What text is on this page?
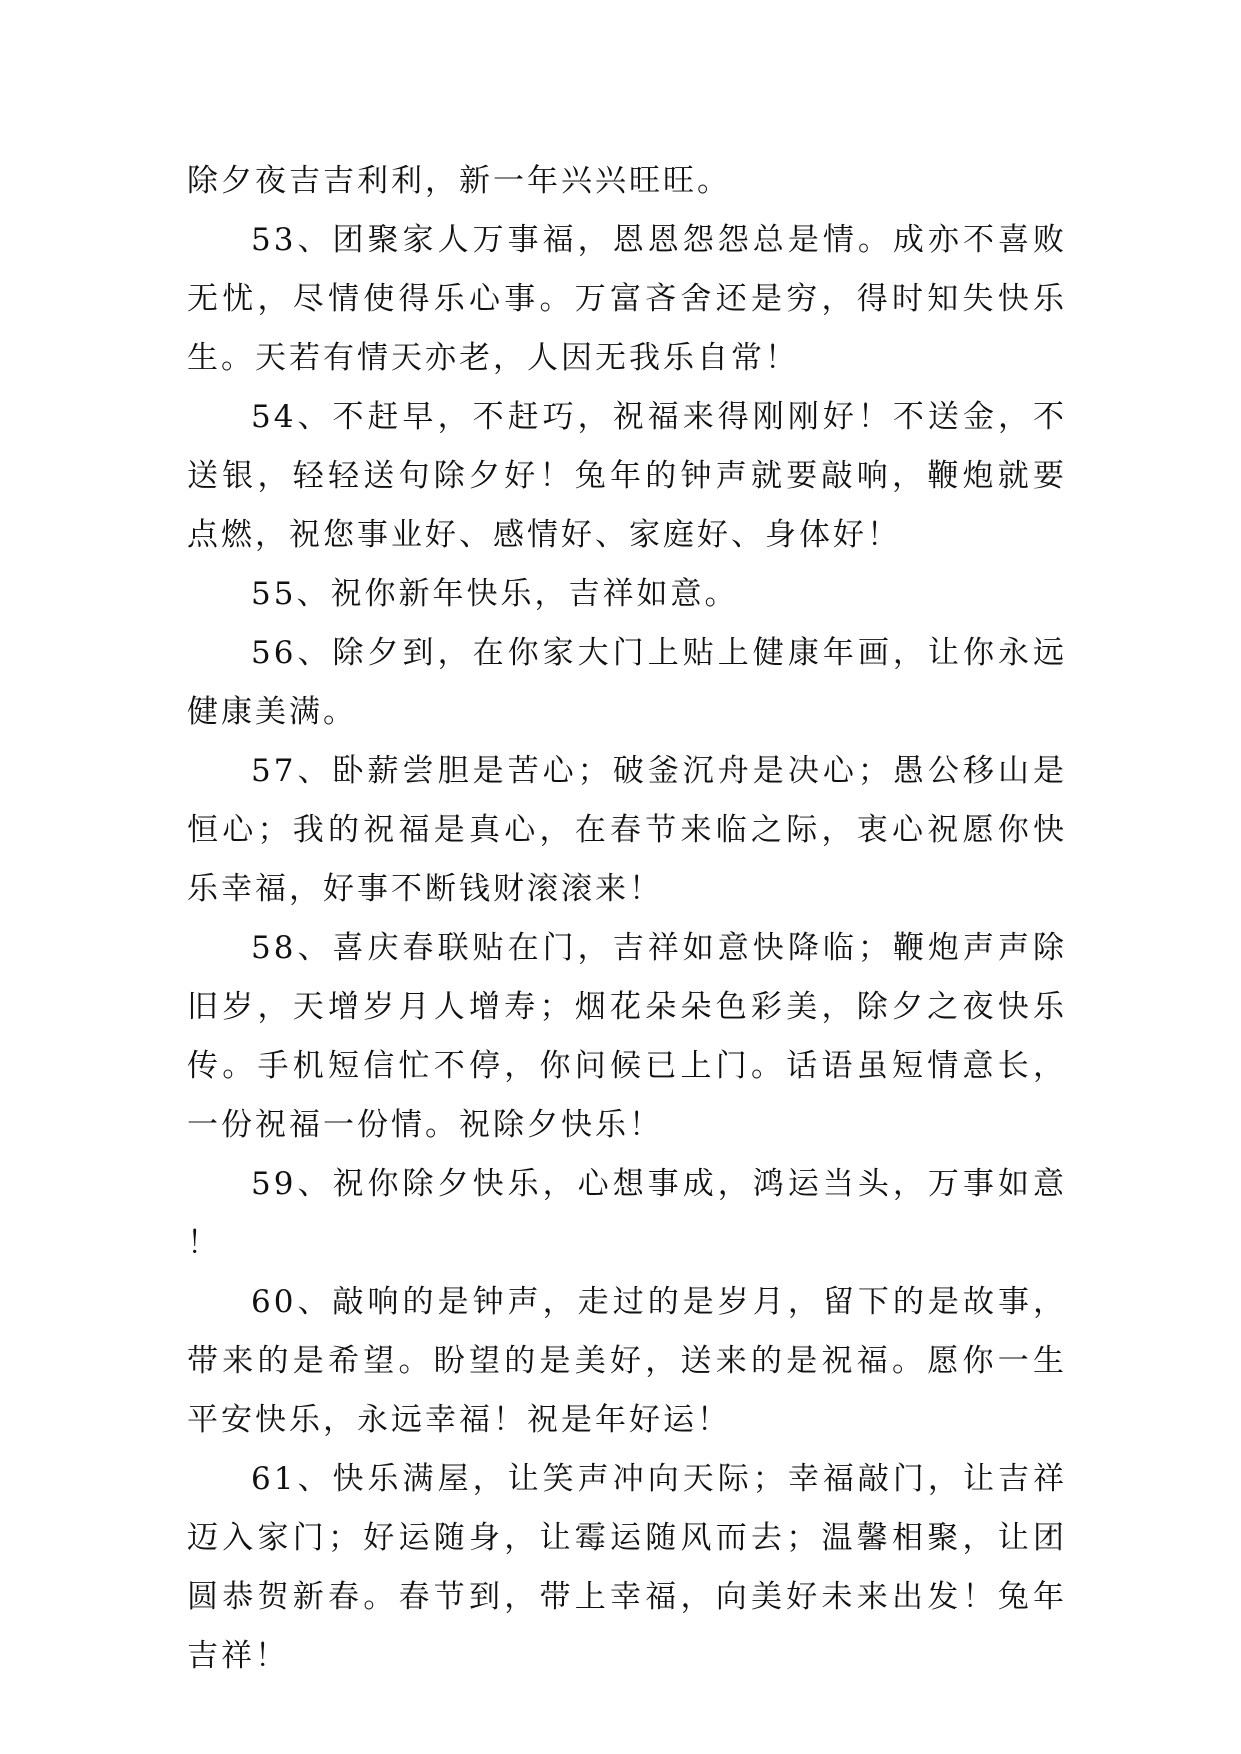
除夕夜吉吉利利，新一年兴兴旺旺。

53、团聚家人万事福，恩恩怨怨总是情。成亦不喜败无忧，尽情使得乐心事。万富吝舍还是穷，得时知失快乐生。天若有情天亦老，人因无我乐自常！

54、不赶早，不赶巧，祝福来得刚刚好！不送金，不送银，轻轻送句除夕好！兔年的钟声就要敲响，鞭炮就要点燃，祝您事业好、感情好、家庭好、身体好！

55、祝你新年快乐，吉祥如意。

56、除夕到，在你家大门上贴上健康年画，让你永远健康美满。

57、卧薪尝胆是苦心；破釜沉舟是决心；愚公移山是恒心；我的祝福是真心，在春节来临之际，衷心祝愿你快乐幸福，好事不断钱财滚滚来！

58、喜庆春联贴在门，吉祥如意快降临；鞭炮声声除旧岁，天增岁月人增寿；烟花朵朵色彩美，除夕之夜快乐传。手机短信忙不停，你问候已上门。话语虽短情意长，一份祝福一份情。祝除夕快乐！

59、祝你除夕快乐，心想事成，鸿运当头，万事如意！

60、敲响的是钟声，走过的是岁月，留下的是故事，带来的是希望。盼望的是美好，送来的是祝福。愿你一生平安快乐，永远幸福！祝是年好运！

61、快乐满屋，让笑声冲向天际；幸福敲门，让吉祥迈入家门；好运随身，让霉运随风而去；温馨相聚，让团圆恭贺新春。春节到，带上幸福，向美好未来出发！兔年吉祥！
